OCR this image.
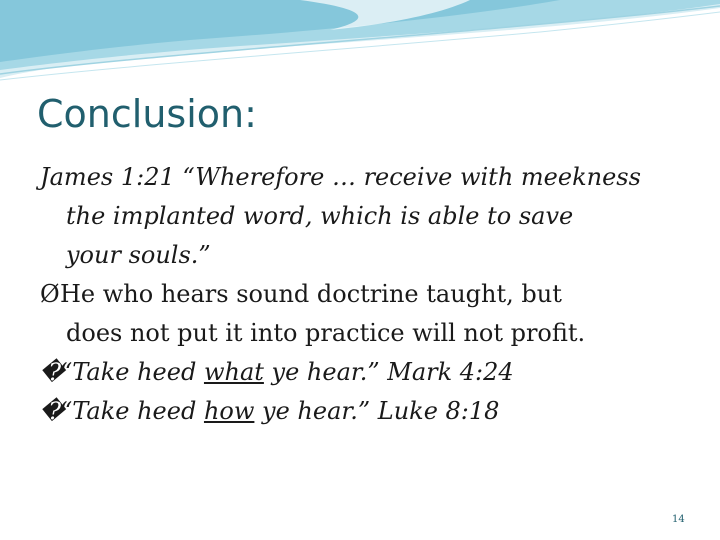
Conclusion:
James 1:21 “Wherefore … receive with meekness
the implanted word, which is able to save
your souls.”
ØHe who hears sound doctrine taught, but
does not put it into practice will not profit.
�“Take heed what ye hear.” Mark 4:24
�“Take heed how ye hear.” Luke 8:18
14
